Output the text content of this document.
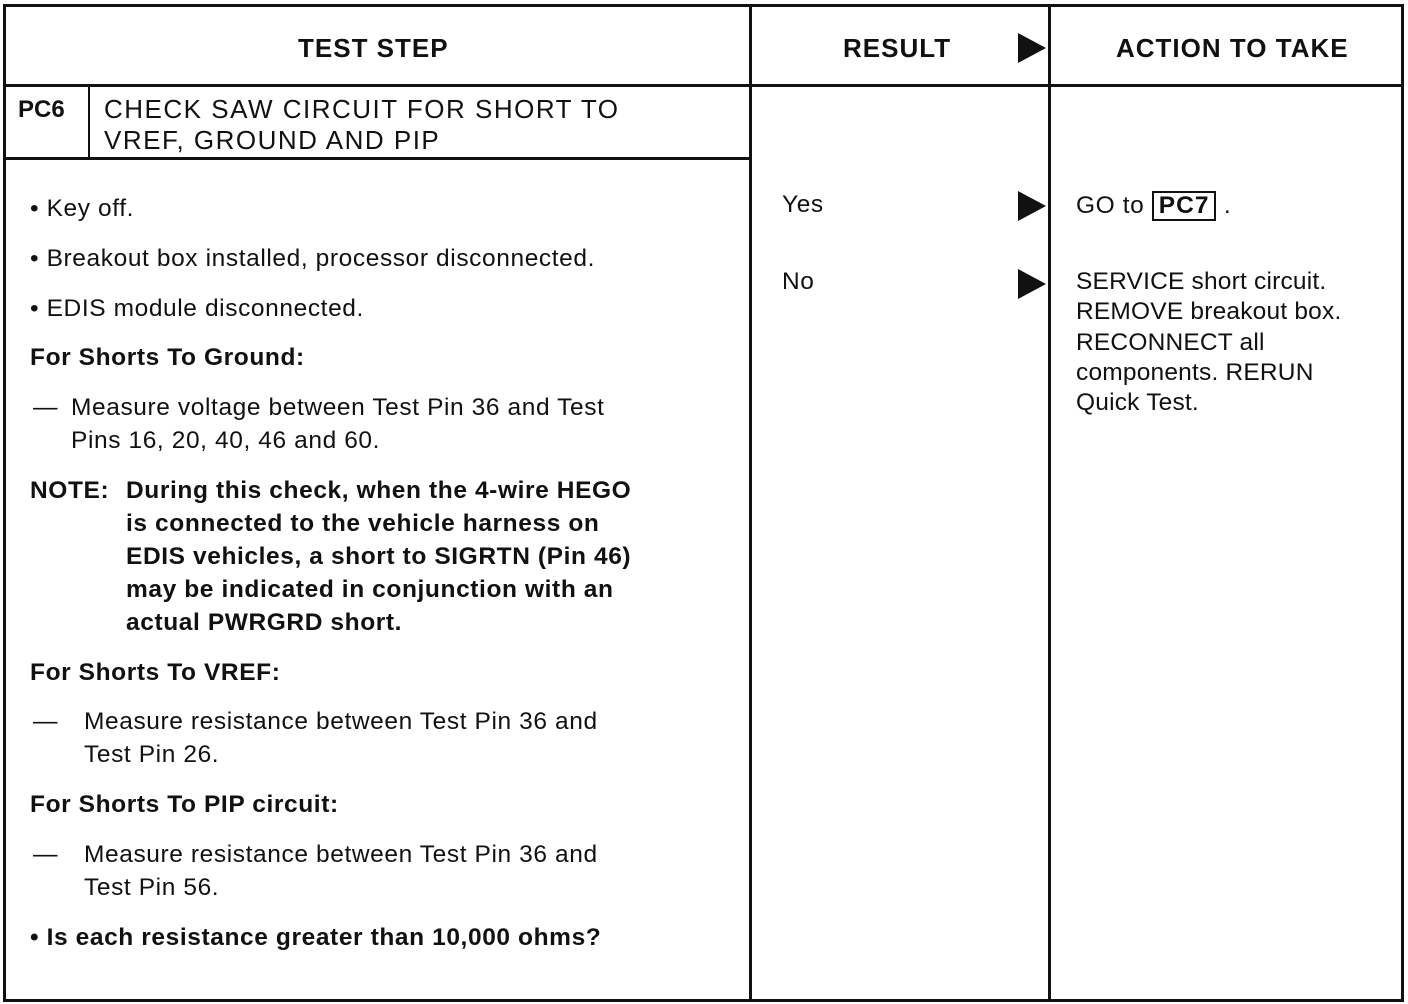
TEST STEP	RESULT	ACTION TO TAKE
PC6 CHECK SAW CIRCUIT FOR SHORT TO
VREF, GROUND AND PIP
• Key off.
• Breakout box installed, processor disconnected.
• EDIS module disconnected.
For Shorts To Ground:
— Measure voltage between Test Pin 36 and Test
Pins 16, 20, 40, 46 and 60.
NOTE: During this check, when the 4-wire HEGO
is connected to the vehicle harness on
EDIS vehicles, a short to SIGRTN (Pin 46)
may be indicated in conjunction with an
actual PWRGRD short.
For Shorts To VREF:
— Measure resistance between Test Pin 36 and
Test Pin 26.
For Shorts To PIP circuit:
— Measure resistance between Test Pin 36 and
Test Pin 56.
• Is each resistance greater than 10,000 ohms?
Yes
No
GO to PC7 .
SERVICE short circuit.
REMOVE breakout box.
RECONNECT all
components. RERUN
Quick Test.
